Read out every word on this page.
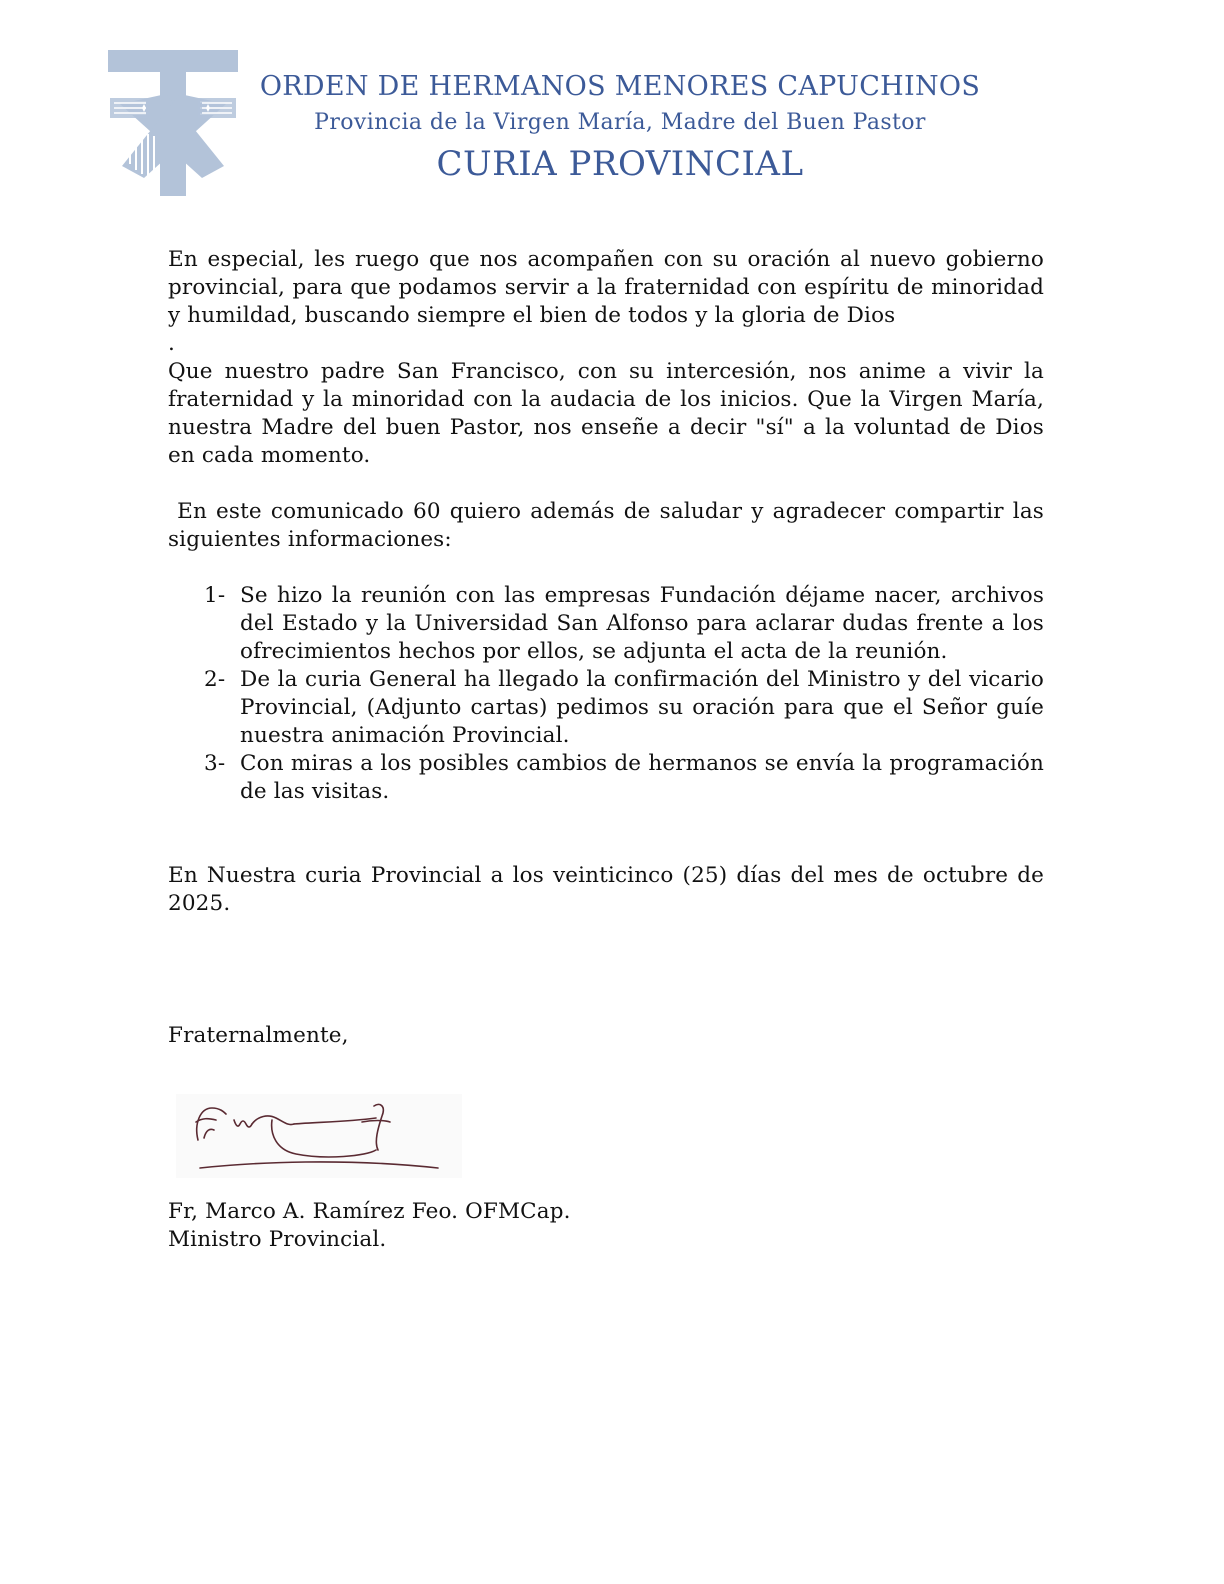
ORDEN DE HERMANOS MENORES CAPUCHINOS
Provincia de la Virgen María, Madre del Buen Pastor
CURIA PROVINCIAL

En especial, les ruego que nos acompañen con su oración al nuevo gobierno provincial, para que podamos servir a la fraternidad con espíritu de minoridad y humildad, buscando siempre el bien de todos y la gloria de Dios

.

Que nuestro padre San Francisco, con su intercesión, nos anime a vivir la fraternidad y la minoridad con la audacia de los inicios. Que la Virgen María, nuestra Madre del buen Pastor, nos enseñe a decir "sí" a la voluntad de Dios en cada momento.

En este comunicado 60 quiero además de saludar y agradecer compartir las siguientes informaciones:

1- Se hizo la reunión con las empresas Fundación déjame nacer, archivos del Estado y la Universidad San Alfonso para aclarar dudas frente a los ofrecimientos hechos por ellos, se adjunta el acta de la reunión.
2- De la curia General ha llegado la confirmación del Ministro y del vicario Provincial, (Adjunto cartas) pedimos su oración para que el Señor guíe nuestra animación Provincial.
3- Con miras a los posibles cambios de hermanos se envía la programación de las visitas.

En Nuestra curia Provincial a los veinticinco (25) días del mes de octubre de 2025.

Fraternalmente,
Fr, Marco A. Ramírez Feo. OFMCap.
Ministro Provincial.
